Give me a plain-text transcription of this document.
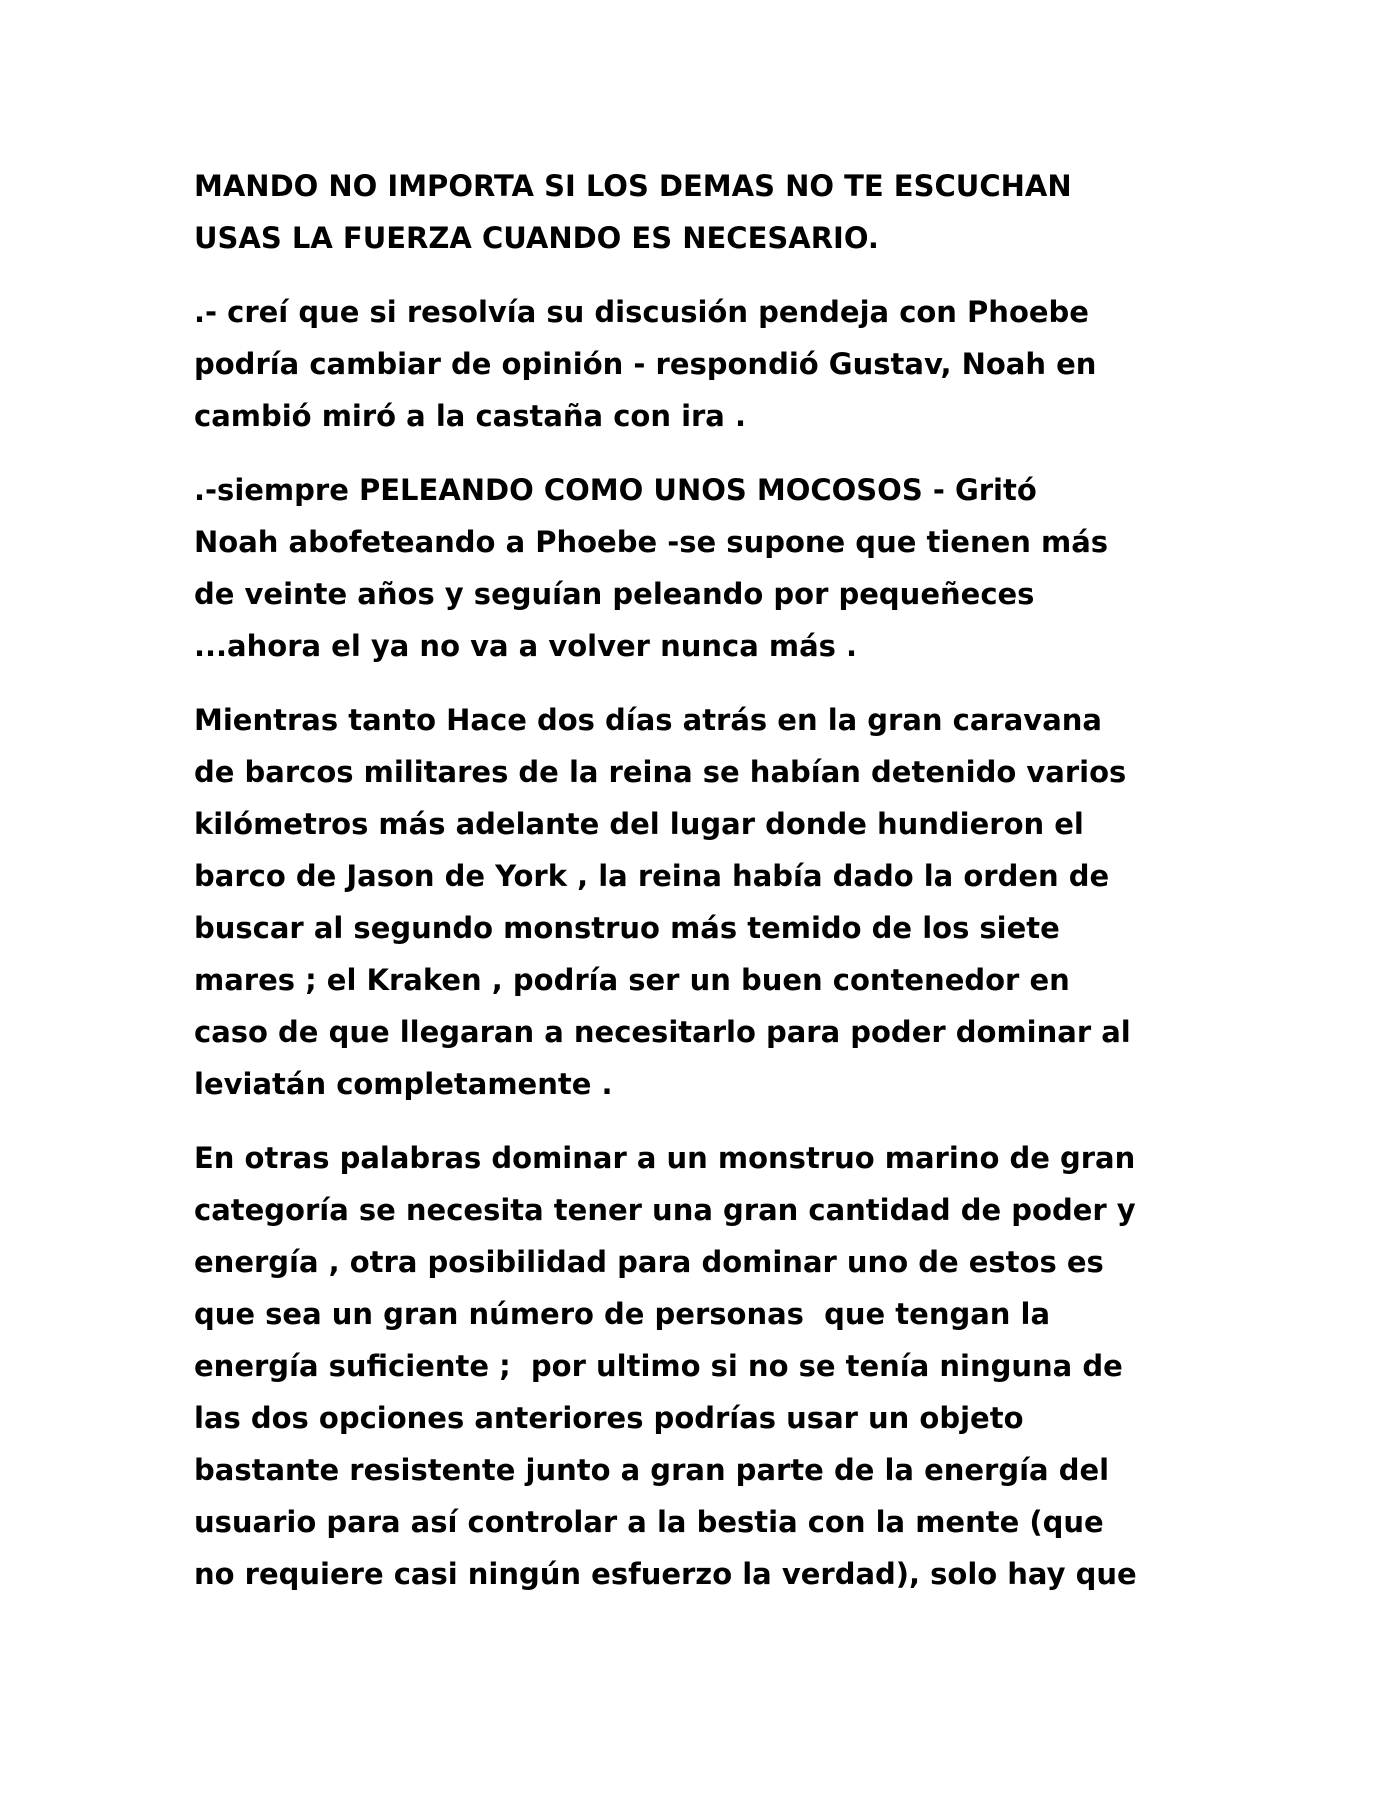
MANDO NO IMPORTA SI LOS DEMAS NO TE ESCUCHAN
USAS LA FUERZA CUANDO ES NECESARIO.

.- creí que si resolvía su discusión pendeja con Phoebe
podría cambiar de opinión - respondió Gustav, Noah en
cambió miró a la castaña con ira .

.-siempre PELEANDO COMO UNOS MOCOSOS - Gritó
Noah abofeteando a Phoebe -se supone que tienen más
de veinte años y seguían peleando por pequeñeces
...ahora el ya no va a volver nunca más .

Mientras tanto Hace dos días atrás en la gran caravana
de barcos militares de la reina se habían detenido varios
kilómetros más adelante del lugar donde hundieron el
barco de Jason de York , la reina había dado la orden de
buscar al segundo monstruo más temido de los siete
mares ; el Kraken , podría ser un buen contenedor en
caso de que llegaran a necesitarlo para poder dominar al
leviatán completamente .

En otras palabras dominar a un monstruo marino de gran
categoría se necesita tener una gran cantidad de poder y
energía , otra posibilidad para dominar uno de estos es
que sea un gran número de personas  que tengan la
energía suficiente ;  por ultimo si no se tenía ninguna de
las dos opciones anteriores podrías usar un objeto
bastante resistente junto a gran parte de la energía del
usuario para así controlar a la bestia con la mente (que
no requiere casi ningún esfuerzo la verdad), solo hay que
